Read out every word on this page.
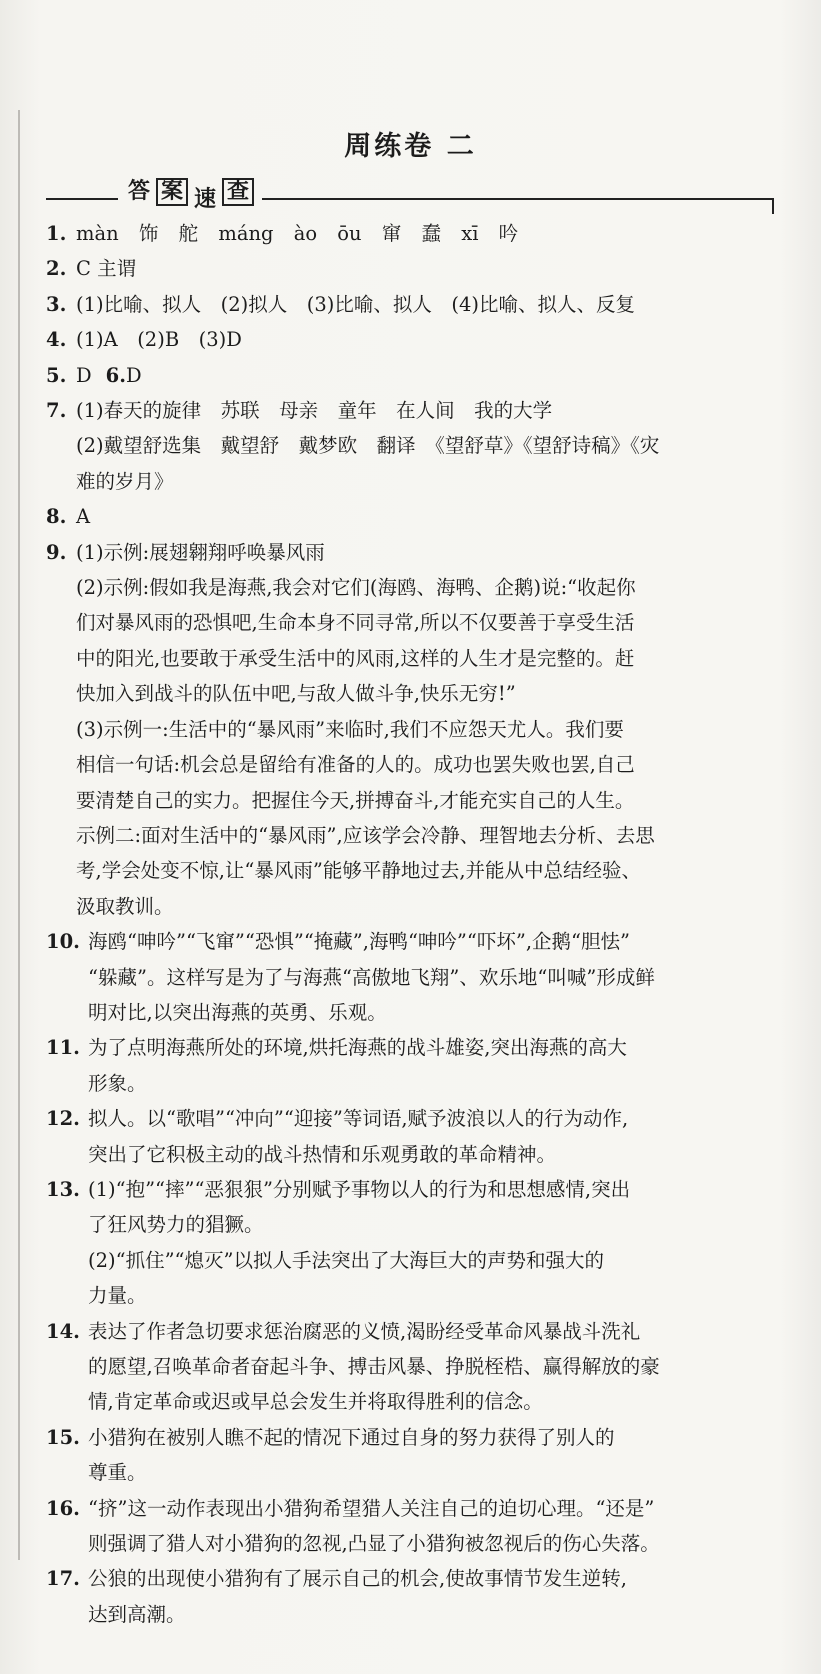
周练卷 二
答 案 速 查
1. màn 饰 舵 máng ào ōu 窜 蠢 xī 吟
2. C 主谓
3. (1)比喻、拟人　(2)拟人　(3)比喻、拟人　(4)比喻、拟人、反复
4. (1)A　(2)B　(3)D
5. D 6.D
7. (1)春天的旋律　苏联　母亲　童年　在人间　我的大学
(2)戴望舒选集　戴望舒　戴梦欧　翻译　《望舒草》《望舒诗稿》《灾
难的岁月》
8. A
9. (1)示例:展翅翱翔呼唤暴风雨
(2)示例:假如我是海燕,我会对它们(海鸥、海鸭、企鹅)说:“收起你
们对暴风雨的恐惧吧,生命本身不同寻常,所以不仅要善于享受生活
中的阳光,也要敢于承受生活中的风雨,这样的人生才是完整的。赶
快加入到战斗的队伍中吧,与敌人做斗争,快乐无穷!”
(3)示例一:生活中的“暴风雨”来临时,我们不应怨天尤人。我们要
相信一句话:机会总是留给有准备的人的。成功也罢失败也罢,自己
要清楚自己的实力。把握住今天,拼搏奋斗,才能充实自己的人生。
示例二:面对生活中的“暴风雨”,应该学会冷静、理智地去分析、去思
考,学会处变不惊,让“暴风雨”能够平静地过去,并能从中总结经验、
汲取教训。
10. 海鸥“呻吟”“飞窜”“恐惧”“掩藏”,海鸭“呻吟”“吓坏”,企鹅“胆怯”
“躲藏”。这样写是为了与海燕“高傲地飞翔”、欢乐地“叫喊”形成鲜
明对比,以突出海燕的英勇、乐观。
11. 为了点明海燕所处的环境,烘托海燕的战斗雄姿,突出海燕的高大
形象。
12. 拟人。以“歌唱”“冲向”“迎接”等词语,赋予波浪以人的行为动作,
突出了它积极主动的战斗热情和乐观勇敢的革命精神。
13. (1)“抱”“摔”“恶狠狠”分别赋予事物以人的行为和思想感情,突出
了狂风势力的猖獗。
(2)“抓住”“熄灭”以拟人手法突出了大海巨大的声势和强大的
力量。
14. 表达了作者急切要求惩治腐恶的义愤,渴盼经受革命风暴战斗洗礼
的愿望,召唤革命者奋起斗争、搏击风暴、挣脱桎梏、赢得解放的豪
情,肯定革命或迟或早总会发生并将取得胜利的信念。
15. 小猎狗在被别人瞧不起的情况下通过自身的努力获得了别人的
尊重。
16. “挤”这一动作表现出小猎狗希望猎人关注自己的迫切心理。“还是”
则强调了猎人对小猎狗的忽视,凸显了小猎狗被忽视后的伤心失落。
17. 公狼的出现使小猎狗有了展示自己的机会,使故事情节发生逆转,
达到高潮。
